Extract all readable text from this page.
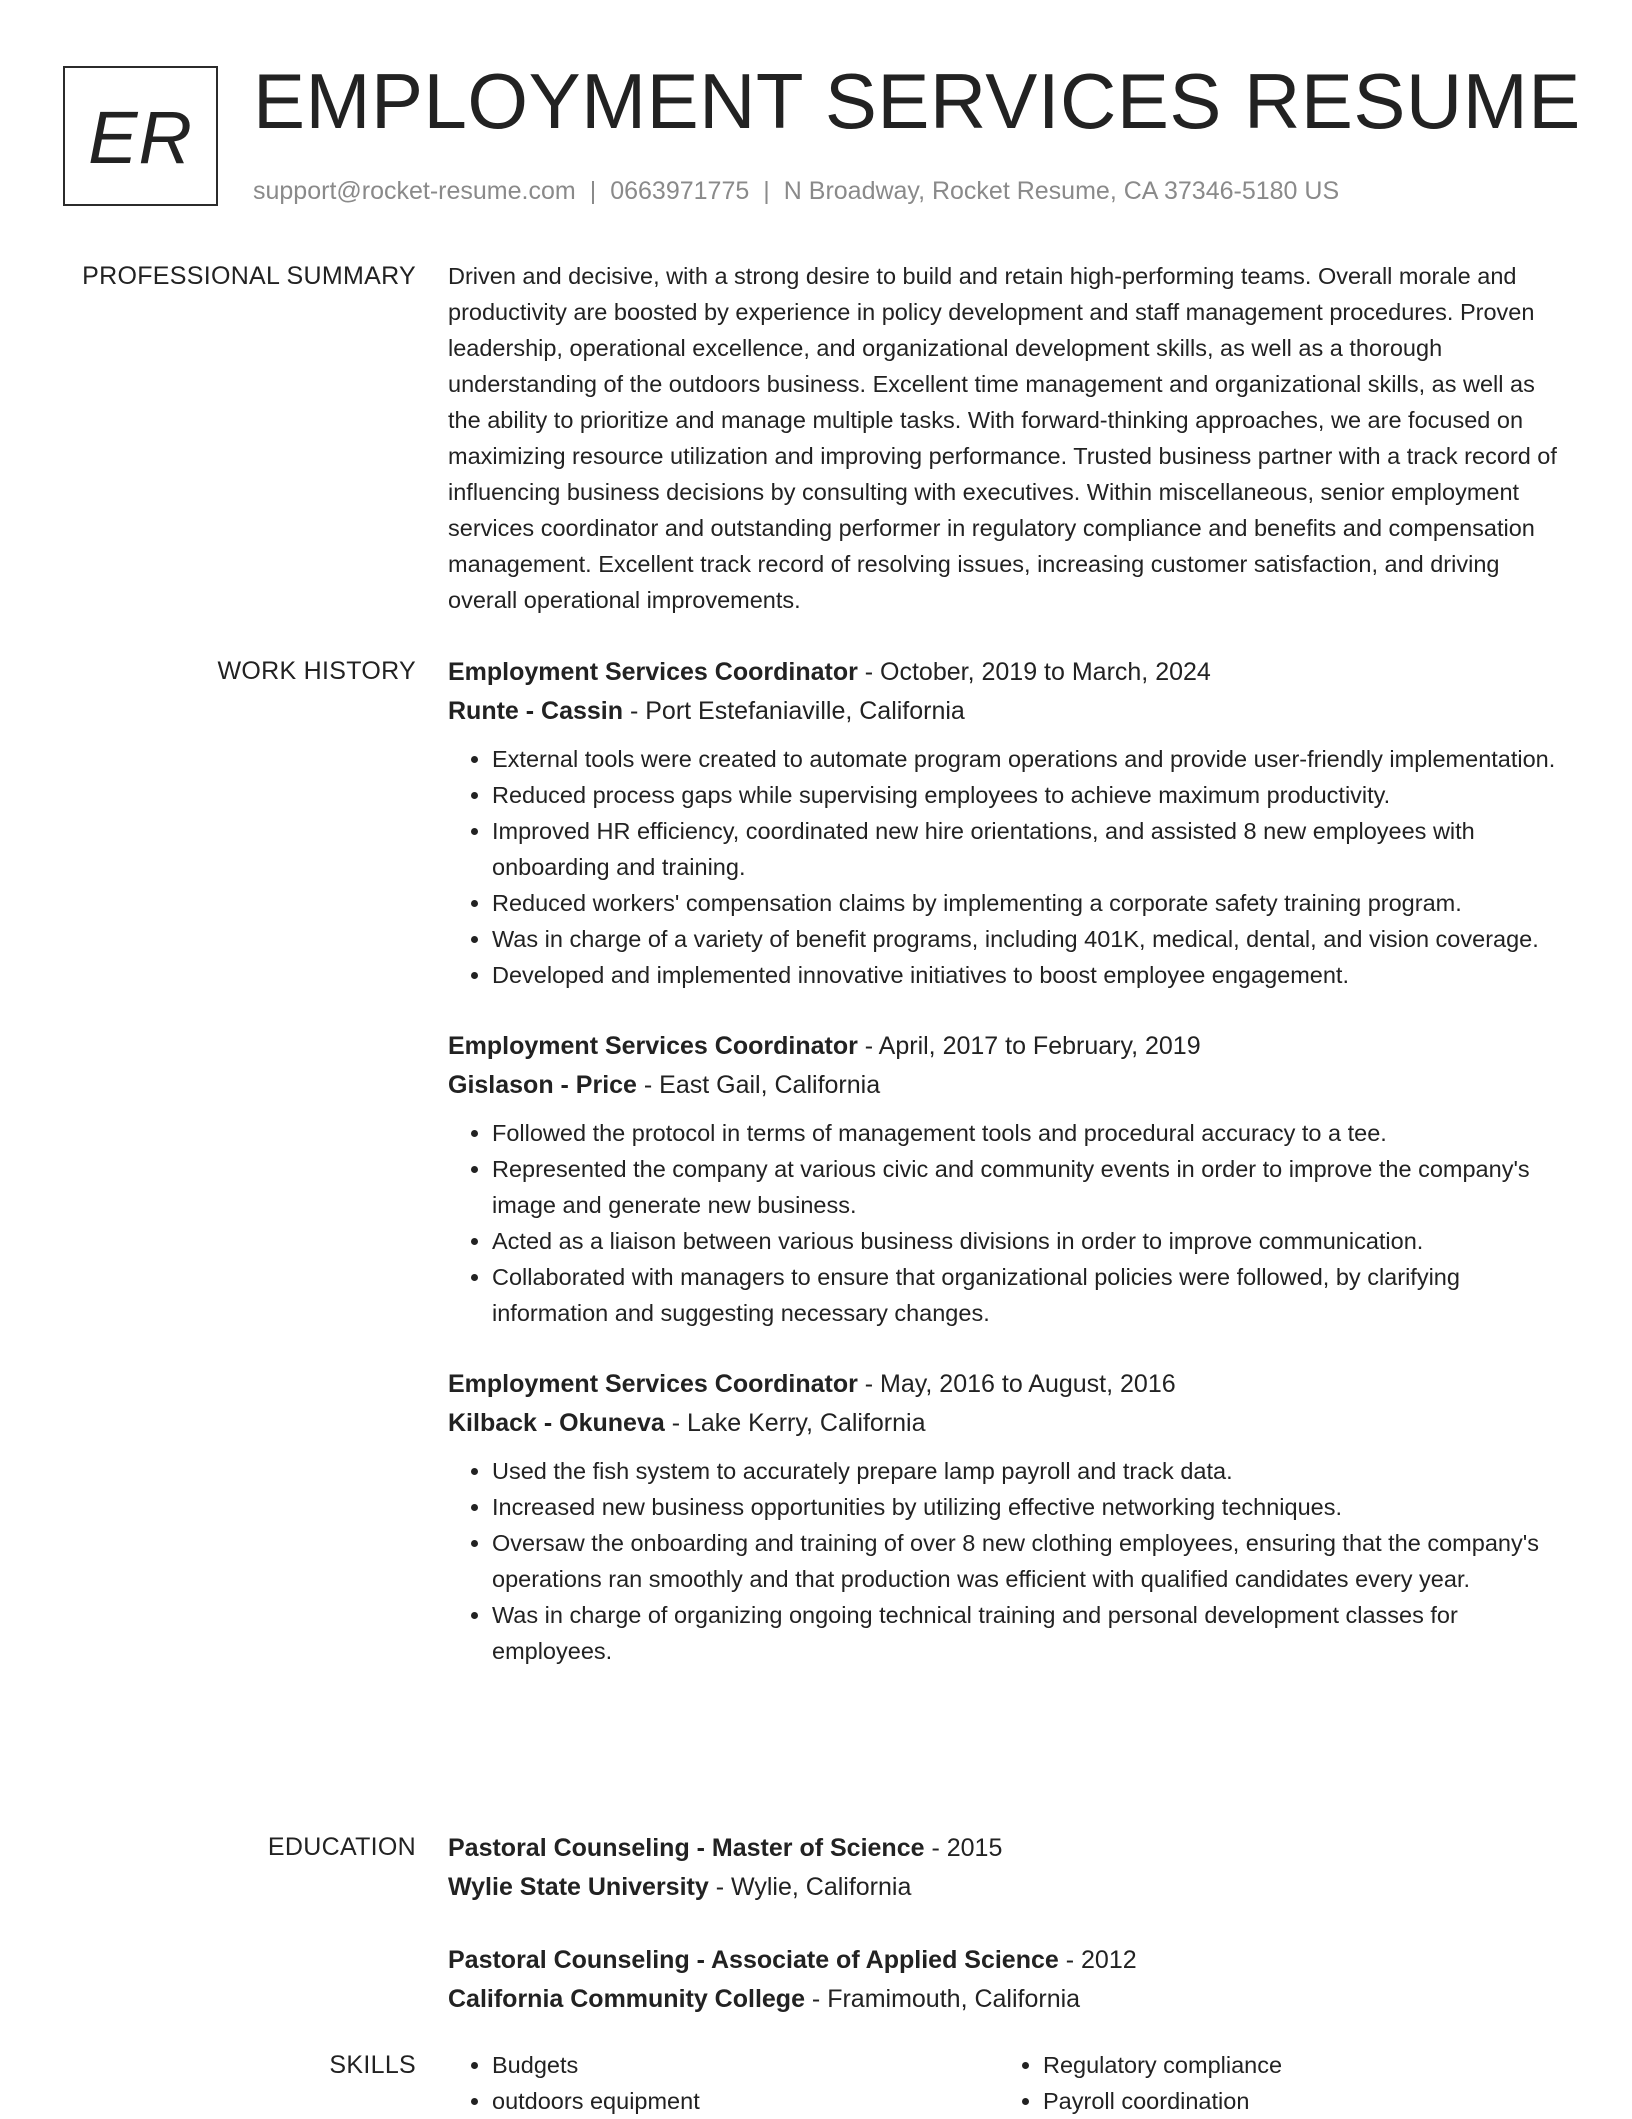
ER EMPLOYMENT SERVICES RESUME
support@rocket-resume.com | 0663971775 | N Broadway, Rocket Resume, CA 37346-5180 US
PROFESSIONAL SUMMARY Driven and decisive, with a strong desire to build and retain high-performing teams. Overall morale and productivity are boosted by experience in policy development and staff management procedures. Proven leadership, operational excellence, and organizational development skills, as well as a thorough understanding of the outdoors business. Excellent time management and organizational skills, as well as the ability to prioritize and manage multiple tasks. With forward-thinking approaches, we are focused on maximizing resource utilization and improving performance. Trusted business partner with a track record of influencing business decisions by consulting with executives. Within miscellaneous, senior employment services coordinator and outstanding performer in regulatory compliance and benefits and compensation management. Excellent track record of resolving issues, increasing customer satisfaction, and driving overall operational improvements.

WORK HISTORY Employment Services Coordinator - October, 2019 to March, 2024
Runte - Cassin - Port Estefaniaville, California
• External tools were created to automate program operations and provide user-friendly implementation.
• Reduced process gaps while supervising employees to achieve maximum productivity.
• Improved HR efficiency, coordinated new hire orientations, and assisted 8 new employees with onboarding and training.
• Reduced workers' compensation claims by implementing a corporate safety training program.
• Was in charge of a variety of benefit programs, including 401K, medical, dental, and vision coverage.
• Developed and implemented innovative initiatives to boost employee engagement.
Employment Services Coordinator - April, 2017 to February, 2019
Gislason - Price - East Gail, California
• Followed the protocol in terms of management tools and procedural accuracy to a tee.
• Represented the company at various civic and community events in order to improve the company's image and generate new business.
• Acted as a liaison between various business divisions in order to improve communication.
• Collaborated with managers to ensure that organizational policies were followed, by clarifying information and suggesting necessary changes.
Employment Services Coordinator - May, 2016 to August, 2016
Kilback - Okuneva - Lake Kerry, California
• Used the fish system to accurately prepare lamp payroll and track data.
• Increased new business opportunities by utilizing effective networking techniques.
• Oversaw the onboarding and training of over 8 new clothing employees, ensuring that the company's operations ran smoothly and that production was efficient with qualified candidates every year.
• Was in charge of organizing ongoing technical training and personal development classes for employees.
EDUCATION Pastoral Counseling - Master of Science - 2015
Wylie State University - Wylie, California
Pastoral Counseling - Associate of Applied Science - 2012
California Community College - Framimouth, California
SKILLS
•	Budgets
• outdoors equipment
• Regulatory compliance
• Payroll coordination
